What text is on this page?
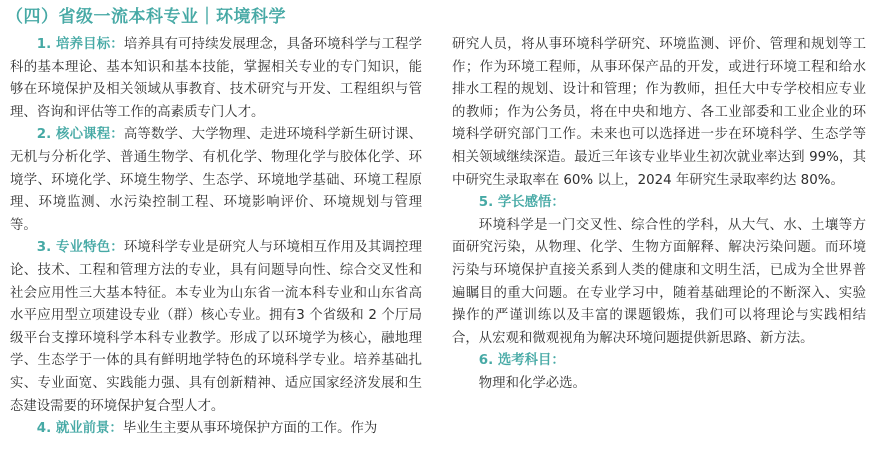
（四）省级一流本科专业｜环境科学

1. 培养目标：培养具有可持续发展理念，具备环境科学与工程学科的基本理论、基本知识和基本技能，掌握相关专业的专门知识，能够在环境保护及相关领域从事教育、技术研究与开发、工程组织与管理、咨询和评估等工作的高素质专门人才。

2. 核心课程：高等数学、大学物理、走进环境科学新生研讨课、无机与分析化学、普通生物学、有机化学、物理化学与胶体化学、环境学、环境化学、环境生物学、生态学、环境地学基础、环境工程原理、环境监测、水污染控制工程、环境影响评价、环境规划与管理等。

3. 专业特色：环境科学专业是研究人与环境相互作用及其调控理论、技术、工程和管理方法的专业，具有问题导向性、综合交叉性和社会应用性三大基本特征。本专业为山东省一流本科专业和山东省高水平应用型立项建设专业（群）核心专业。拥有3 个省级和 2 个厅局级平台支撑环境科学本科专业教学。形成了以环境学为核心，融地理学、生态学于一体的具有鲜明地学特色的环境科学专业。培养基础扎实、专业面宽、实践能力强、具有创新精神、适应国家经济发展和生态建设需要的环境保护复合型人才。

4. 就业前景：毕业生主要从事环境保护方面的工作。作为

研究人员，将从事环境科学研究、环境监测、评价、管理和规划等工作；作为环境工程师，从事环保产品的开发，或进行环境工程和给水排水工程的规划、设计和管理；作为教师，担任大中专学校相应专业的教师；作为公务员，将在中央和地方、各工业部委和工业企业的环境科学研究部门工作。未来也可以选择进一步在环境科学、生态学等相关领域继续深造。最近三年该专业毕业生初次就业率达到 99%，其中研究生录取率在 60% 以上，2024 年研究生录取率约达 80%。

5. 学长感悟：

环境科学是一门交叉性、综合性的学科，从大气、水、土壤等方面研究污染，从物理、化学、生物方面解释、解决污染问题。而环境污染与环境保护直接关系到人类的健康和文明生活，已成为全世界普遍瞩目的重大问题。在专业学习中，随着基础理论的不断深入、实验操作的严谨训练以及丰富的课题锻炼，我们可以将理论与实践相结合，从宏观和微观视角为解决环境问题提供新思路、新方法。

6. 选考科目：

物理和化学必选。
